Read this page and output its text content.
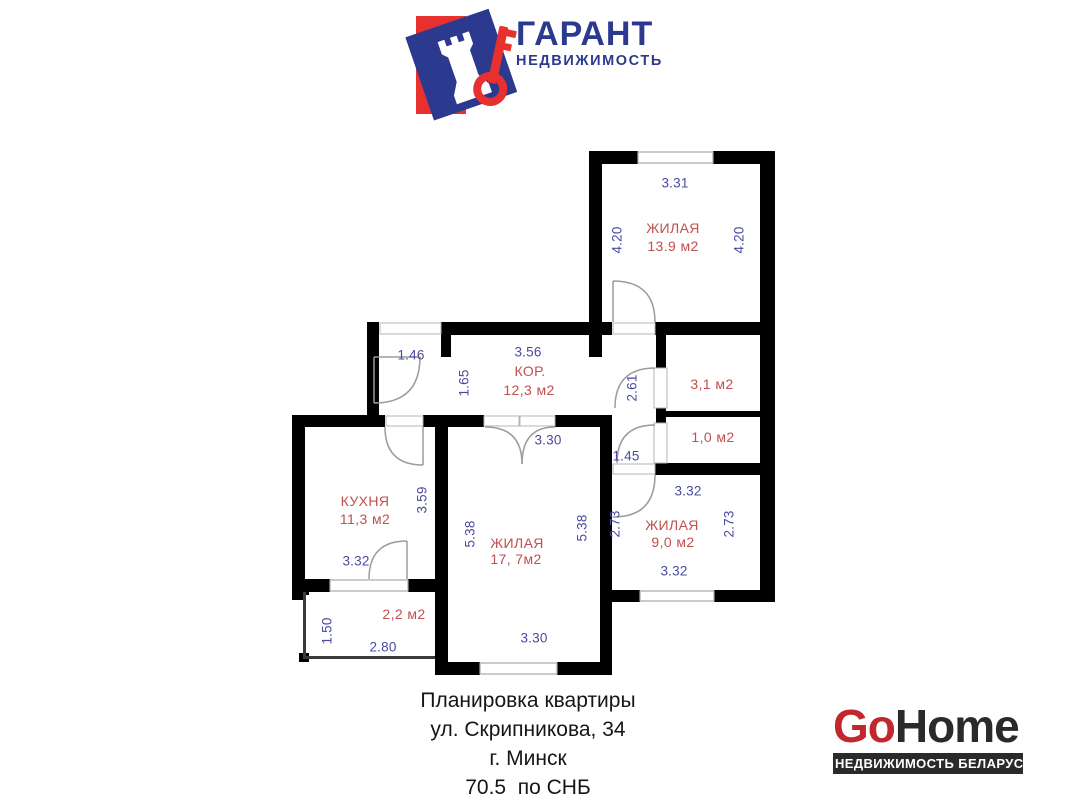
ГАРАНТ
НЕДВИЖИМОСТЬ
3.31
4.20	4.20
ЖИЛАЯ
13.9 м2
1.46	3.56
1.65	КОР.
12,3 м2	2.61
1.45
3,1 м2
1,0 м2
КУХНЯ
11,3 м2
3.59
3.32
3.30
5.38	5.38
ЖИЛАЯ
17, 7м2
3.30
3.32
2.73	2.73
ЖИЛАЯ
9,0 м2
3.32
2,2 м2
1.50
2.80
Планировка квартиры
ул. Скрипникова, 34
г. Минск
70.5  по СНБ
GoHome
НЕДВИЖИМОСТЬ БЕЛАРУСИ
